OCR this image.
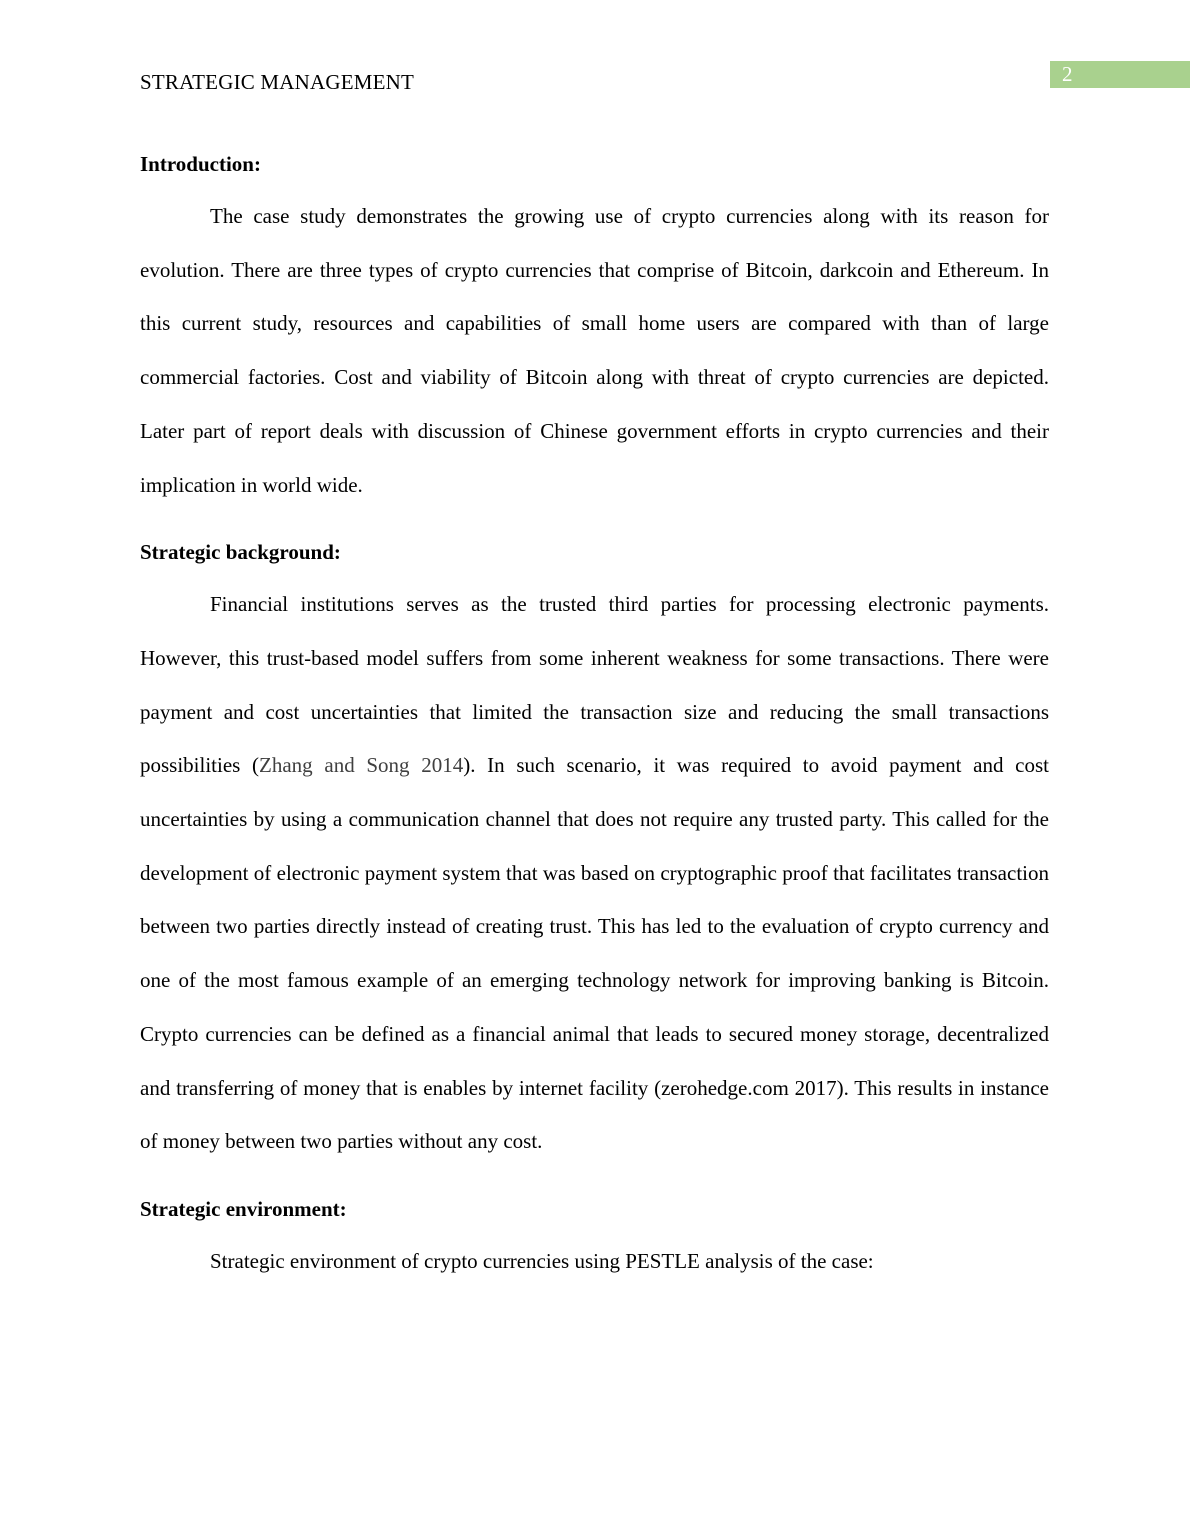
2
STRATEGIC MANAGEMENT
Introduction:

The case study demonstrates the growing use of crypto currencies along with its reason for evolution. There are three types of crypto currencies that comprise of Bitcoin, darkcoin and Ethereum. In this current study, resources and capabilities of small home users are compared with than of large commercial factories. Cost and viability of Bitcoin along with threat of crypto currencies are depicted. Later part of report deals with discussion of Chinese government efforts in crypto currencies and their implication in world wide.

Strategic background:

Financial institutions serves as the trusted third parties for processing electronic payments. However, this trust-based model suffers from some inherent weakness for some transactions. There were payment and cost uncertainties that limited the transaction size and reducing the small transactions possibilities (Zhang and Song 2014). In such scenario, it was required to avoid payment and cost uncertainties by using a communication channel that does not require any trusted party. This called for the development of electronic payment system that was based on cryptographic proof that facilitates transaction between two parties directly instead of creating trust. This has led to the evaluation of crypto currency and one of the most famous example of an emerging technology network for improving banking is Bitcoin. Crypto currencies can be defined as a financial animal that leads to secured money storage, decentralized and transferring of money that is enables by internet facility (zerohedge.com 2017). This results in instance of money between two parties without any cost.

Strategic environment:

Strategic environment of crypto currencies using PESTLE analysis of the case:
